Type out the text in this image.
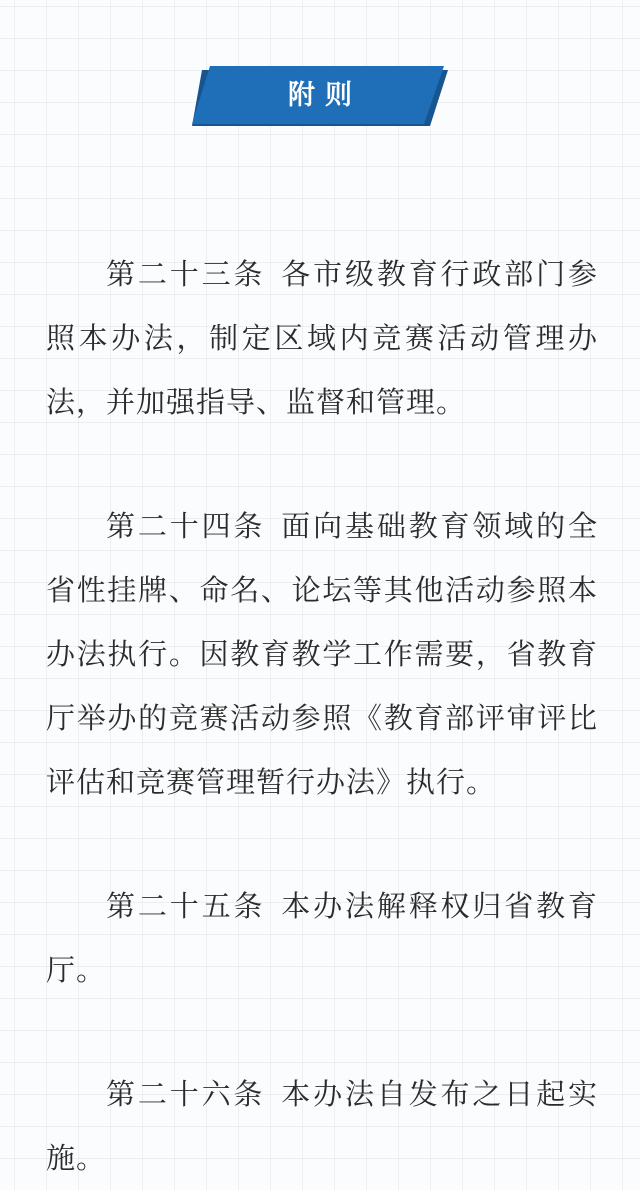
附则

第二十三条 各市级教育行政部门参照本办法，制定区域内竞赛活动管理办法，并加强指导、监督和管理。

第二十四条 面向基础教育领域的全省性挂牌、命名、论坛等其他活动参照本办法执行。因教育教学工作需要，省教育厅举办的竞赛活动参照《教育部评审评比评估和竞赛管理暂行办法》执行。

第二十五条 本办法解释权归省教育厅。

第二十六条 本办法自发布之日起实施。
